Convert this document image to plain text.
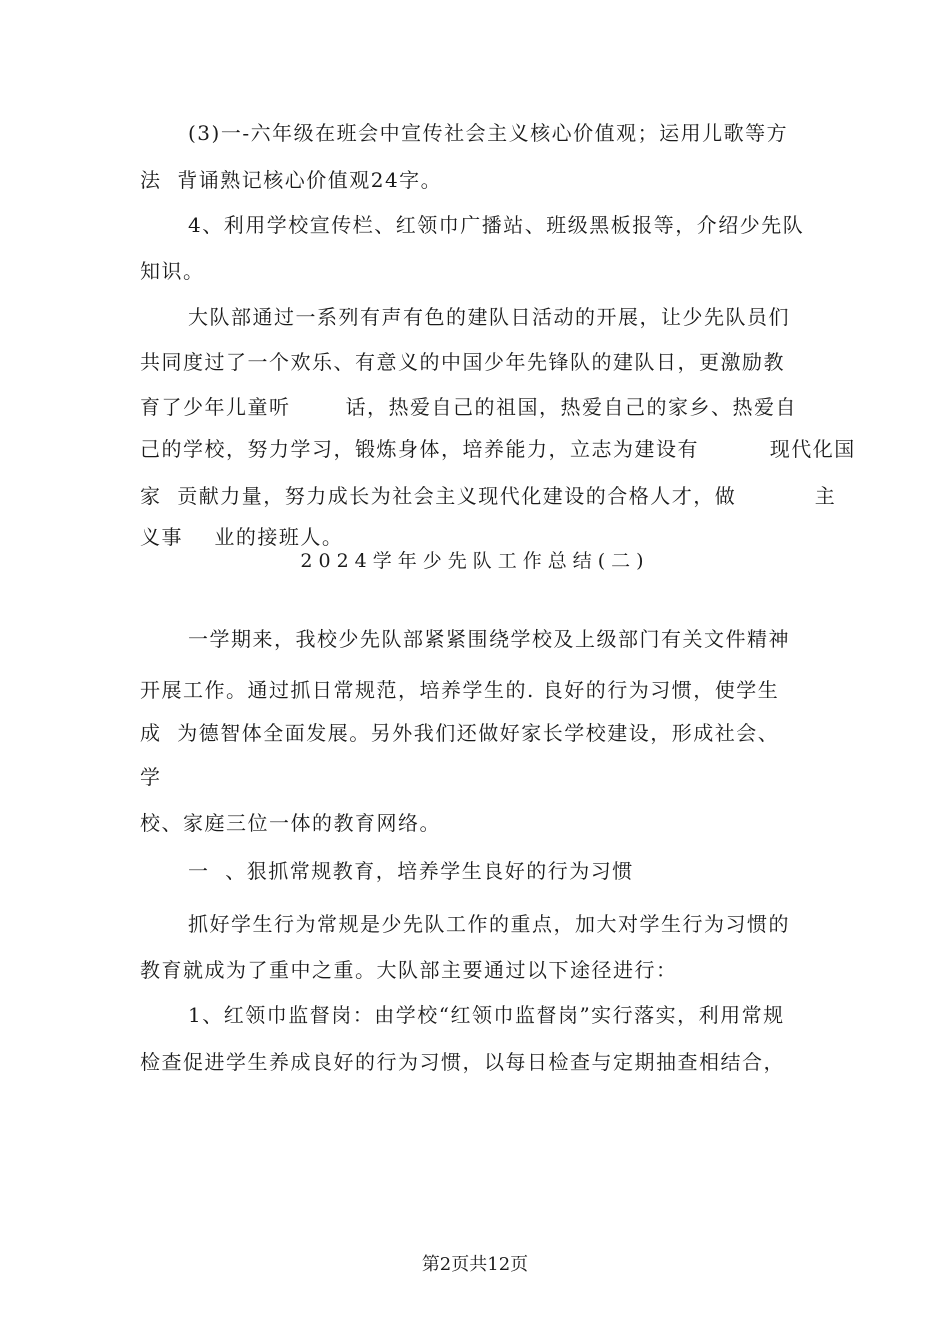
(3)一-六年级在班会中宣传社会主义核心价值观；运用儿歌等方
法  背诵熟记核心价值观24字。
4、利用学校宣传栏、红领巾广播站、班级黑板报等，介绍少先队
知识。
大队部通过一系列有声有色的建队日活动的开展，让少先队员们
共同度过了一个欢乐、有意义的中国少年先锋队的建队日，更激励教
育了少年儿童听       话，热爱自己的祖国，热爱自己的家乡、热爱自
己的学校，努力学习，锻炼身体，培养能力，立志为建设有         现代化国
家  贡献力量，努力成长为社会主义现代化建设的合格人才，做          主
义事    业的接班人。
2024学年少先队工作总结(二)
一学期来，我校少先队部紧紧围绕学校及上级部门有关文件精神
开展工作。通过抓日常规范，培养学生的. 良好的行为习惯，使学生
成  为德智体全面发展。另外我们还做好家长学校建设，形成社会、
学
校、家庭三位一体的教育网络。
一  、狠抓常规教育，培养学生良好的行为习惯
抓好学生行为常规是少先队工作的重点，加大对学生行为习惯的
教育就成为了重中之重。大队部主要通过以下途径进行：
1、红领巾监督岗：由学校“红领巾监督岗”实行落实，利用常规
检查促进学生养成良好的行为习惯，以每日检查与定期抽查相结合，
第2页共12页
